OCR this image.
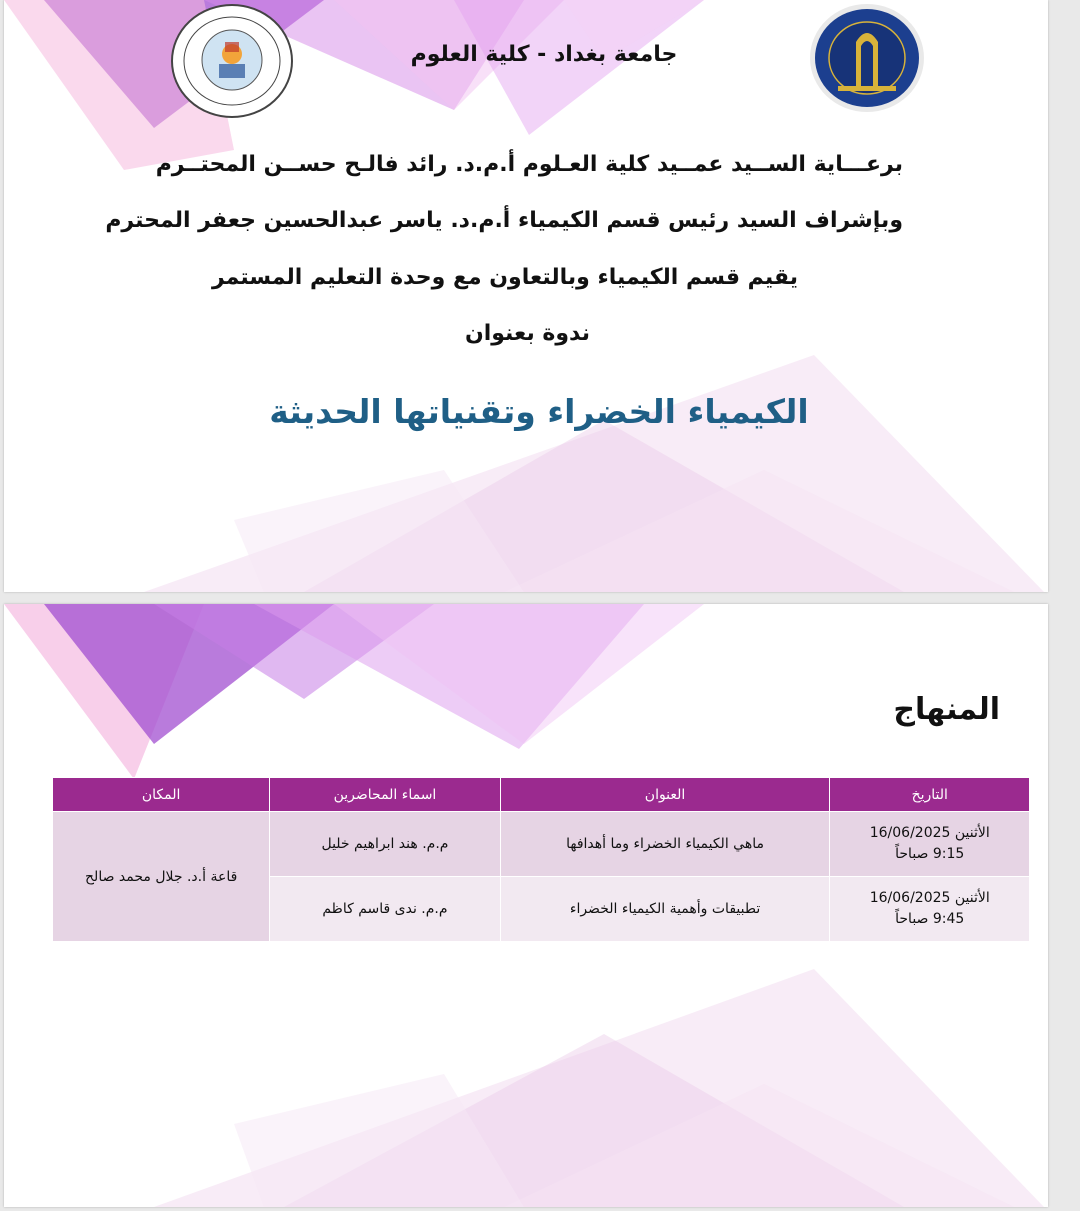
جامعة بغداد - كلية العلوم
برعـــاية الســيد عمــيد كلية العـلوم أ.م.د. رائد فالـح حســن المحتــرم
وبإشراف السيد رئيس قسم الكيمياء أ.م.د. ياسر عبدالحسين جعفر المحترم
يقيم قسم الكيمياء وبالتعاون مع وحدة التعليم المستمر
ندوة بعنوان
الكيمياء الخضراء وتقنياتها الحديثة
المنهاج
التاريخ	العنوان	اسماء المحاضرين	المكان

الأثنين 16/06/2025
9:15 صباحاً	ماهي الكيمياء الخضراء وما أهدافها	م.م. هند ابراهيم خليل	قاعة أ.د. جلال محمد صالح

الأثنين 16/06/2025
9:45 صباحاً	تطبيقات وأهمية الكيمياء الخضراء	م.م. ندى قاسم كاظم	
